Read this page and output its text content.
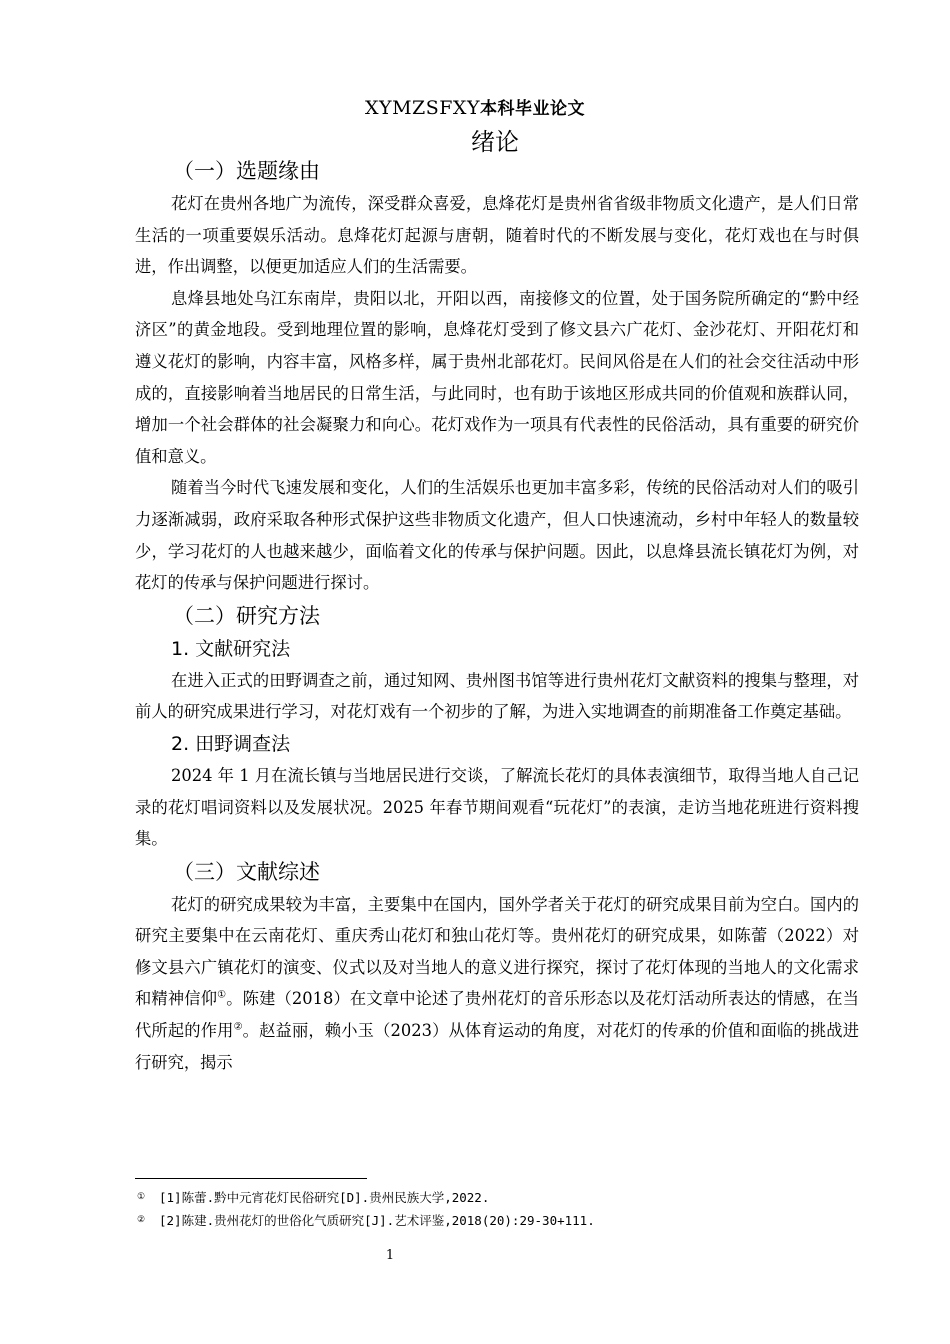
XYMZSFXY本科毕业论文
绪论
（一）选题缘由

花灯在贵州各地广为流传，深受群众喜爱，息烽花灯是贵州省省级非物质文化遗产，是人们日常生活的一项重要娱乐活动。息烽花灯起源与唐朝，随着时代的不断发展与变化，花灯戏也在与时俱进，作出调整，以便更加适应人们的生活需要。

息烽县地处乌江东南岸，贵阳以北，开阳以西，南接修文的位置，处于国务院所确定的“黔中经济区”的黄金地段。受到地理位置的影响，息烽花灯受到了修文县六广花灯、金沙花灯、开阳花灯和遵义花灯的影响，内容丰富，风格多样，属于贵州北部花灯。民间风俗是在人们的社会交往活动中形成的，直接影响着当地居民的日常生活，与此同时，也有助于该地区形成共同的价值观和族群认同，增加一个社会群体的社会凝聚力和向心。花灯戏作为一项具有代表性的民俗活动，具有重要的研究价值和意义。

随着当今时代飞速发展和变化，人们的生活娱乐也更加丰富多彩，传统的民俗活动对人们的吸引力逐渐减弱，政府采取各种形式保护这些非物质文化遗产，但人口快速流动，乡村中年轻人的数量较少，学习花灯的人也越来越少，面临着文化的传承与保护问题。因此，以息烽县流长镇花灯为例，对花灯的传承与保护问题进行探讨。

（二）研究方法
1. 文献研究法

在进入正式的田野调查之前，通过知网、贵州图书馆等进行贵州花灯文献资料的搜集与整理，对前人的研究成果进行学习，对花灯戏有一个初步的了解，为进入实地调查的前期准备工作奠定基础。

2. 田野调查法

2024 年 1 月在流长镇与当地居民进行交谈，了解流长花灯的具体表演细节，取得当地人自己记录的花灯唱词资料以及发展状况。2025 年春节期间观看“玩花灯”的表演，走访当地花班进行资料搜集。

（三）文献综述

花灯的研究成果较为丰富，主要集中在国内，国外学者关于花灯的研究成果目前为空白。国内的研究主要集中在云南花灯、重庆秀山花灯和独山花灯等。贵州花灯的研究成果，如陈蕾（2022）对修文县六广镇花灯的演变、仪式以及对当地人的意义进行探究，探讨了花灯体现的当地人的文化需求和精神信仰①。陈建（2018）在文章中论述了贵州花灯的音乐形态以及花灯活动所表达的情感，在当代所起的作用②。赵益丽，赖小玉（2023）从体育运动的角度，对花灯的传承的价值和面临的挑战进行研究，揭示

① [1]陈蕾.黔中元宵花灯民俗研究[D].贵州民族大学,2022.
② [2]陈建.贵州花灯的世俗化气质研究[J].艺术评鉴,2018(20):29-30+111.
1
